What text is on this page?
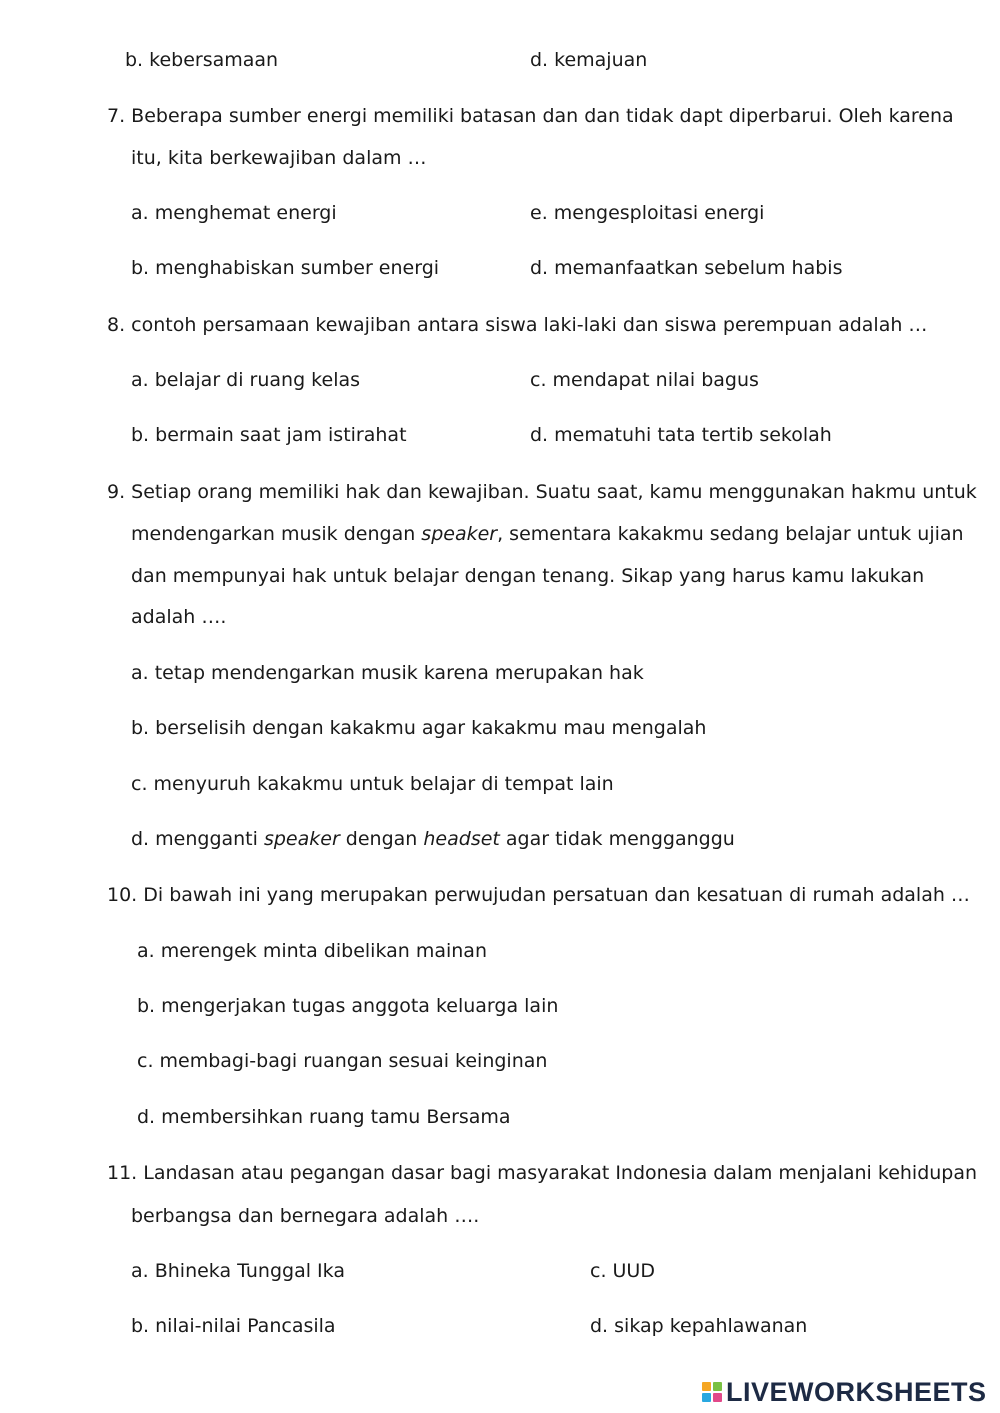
b. kebersamaan	d. kemajuan
7. Beberapa sumber energi memiliki batasan dan dan tidak dapt diperbarui. Oleh karena
itu, kita berkewajiban dalam …
a. menghemat energi	e. mengesploitasi energi
b. menghabiskan sumber energi	d. memanfaatkan sebelum habis
8. contoh persamaan kewajiban antara siswa laki-laki dan siswa perempuan adalah …
a. belajar di ruang kelas	c. mendapat nilai bagus
b. bermain saat jam istirahat	d. mematuhi tata tertib sekolah
9. Setiap orang memiliki hak dan kewajiban. Suatu saat, kamu menggunakan hakmu untuk
mendengarkan musik dengan speaker, sementara kakakmu sedang belajar untuk ujian
dan mempunyai hak untuk belajar dengan tenang. Sikap yang harus kamu lakukan
adalah ….
a. tetap mendengarkan musik karena merupakan hak
b. berselisih dengan kakakmu agar kakakmu mau mengalah
c. menyuruh kakakmu untuk belajar di tempat lain
d. mengganti speaker dengan headset agar tidak mengganggu
10. Di bawah ini yang merupakan perwujudan persatuan dan kesatuan di rumah adalah …
a. merengek minta dibelikan mainan
b. mengerjakan tugas anggota keluarga lain
c. membagi-bagi ruangan sesuai keinginan
d. membersihkan ruang tamu Bersama
11. Landasan atau pegangan dasar bagi masyarakat Indonesia dalam menjalani kehidupan
berbangsa dan bernegara adalah ….
a. Bhineka Tunggal Ika	c. UUD
b. nilai-nilai Pancasila	d. sikap kepahlawanan
LIVEWORKSHEETS
